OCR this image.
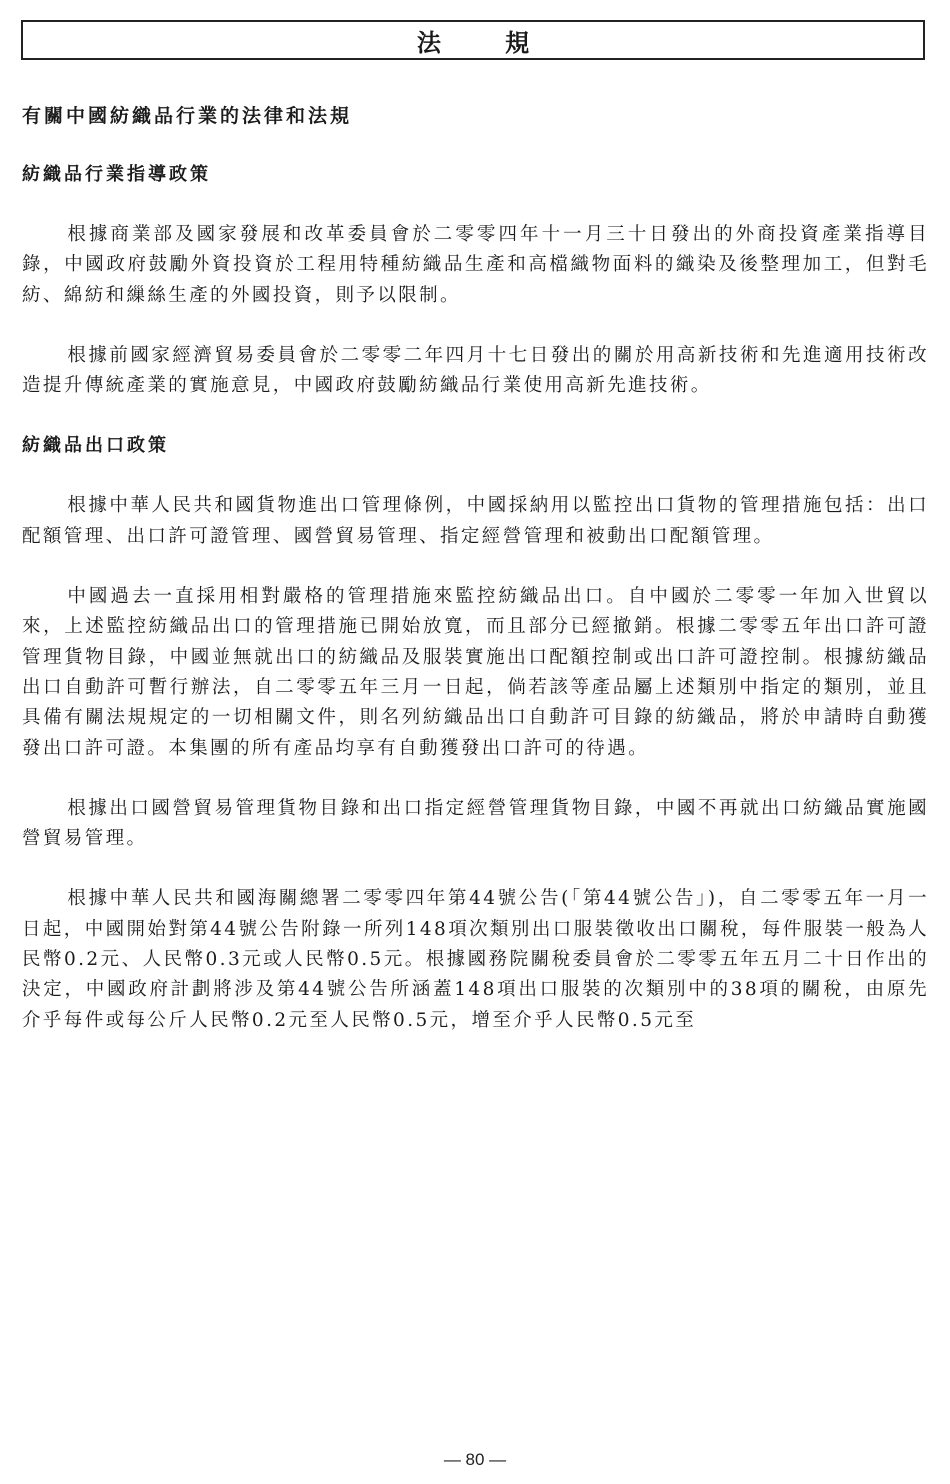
法 規
有關中國紡織品行業的法律和法規
紡織品行業指導政策

根據商業部及國家發展和改革委員會於二零零四年十一月三十日發出的外商投資產業指導目錄，中國政府鼓勵外資投資於工程用特種紡織品生產和高檔織物面料的織染及後整理加工，但對毛紡、綿紡和繅絲生產的外國投資，則予以限制。

根據前國家經濟貿易委員會於二零零二年四月十七日發出的關於用高新技術和先進適用技術改造提升傳統產業的實施意見，中國政府鼓勵紡織品行業使用高新先進技術。

紡織品出口政策

根據中華人民共和國貨物進出口管理條例，中國採納用以監控出口貨物的管理措施包括：出口配額管理、出口許可證管理、國營貿易管理、指定經營管理和被動出口配額管理。

中國過去一直採用相對嚴格的管理措施來監控紡織品出口。自中國於二零零一年加入世貿以來，上述監控紡織品出口的管理措施已開始放寬，而且部分已經撤銷。根據二零零五年出口許可證管理貨物目錄，中國並無就出口的紡織品及服裝實施出口配額控制或出口許可證控制。根據紡織品出口自動許可暫行辦法，自二零零五年三月一日起，倘若該等產品屬上述類別中指定的類別，並且具備有關法規規定的一切相關文件，則名列紡織品出口自動許可目錄的紡織品，將於申請時自動獲發出口許可證。本集團的所有產品均享有自動獲發出口許可的待遇。

根據出口國營貿易管理貨物目錄和出口指定經營管理貨物目錄，中國不再就出口紡織品實施國營貿易管理。

根據中華人民共和國海關總署二零零四年第44號公告(「第44號公告」)，自二零零五年一月一日起，中國開始對第44號公告附錄一所列148項次類別出口服裝徵收出口關稅，每件服裝一般為人民幣0.2元、人民幣0.3元或人民幣0.5元。根據國務院關稅委員會於二零零五年五月二十日作出的決定，中國政府計劃將涉及第44號公告所涵蓋148項出口服裝的次類別中的38項的關稅，由原先介乎每件或每公斤人民幣0.2元至人民幣0.5元，增至介乎人民幣0.5元至

— 80 —
